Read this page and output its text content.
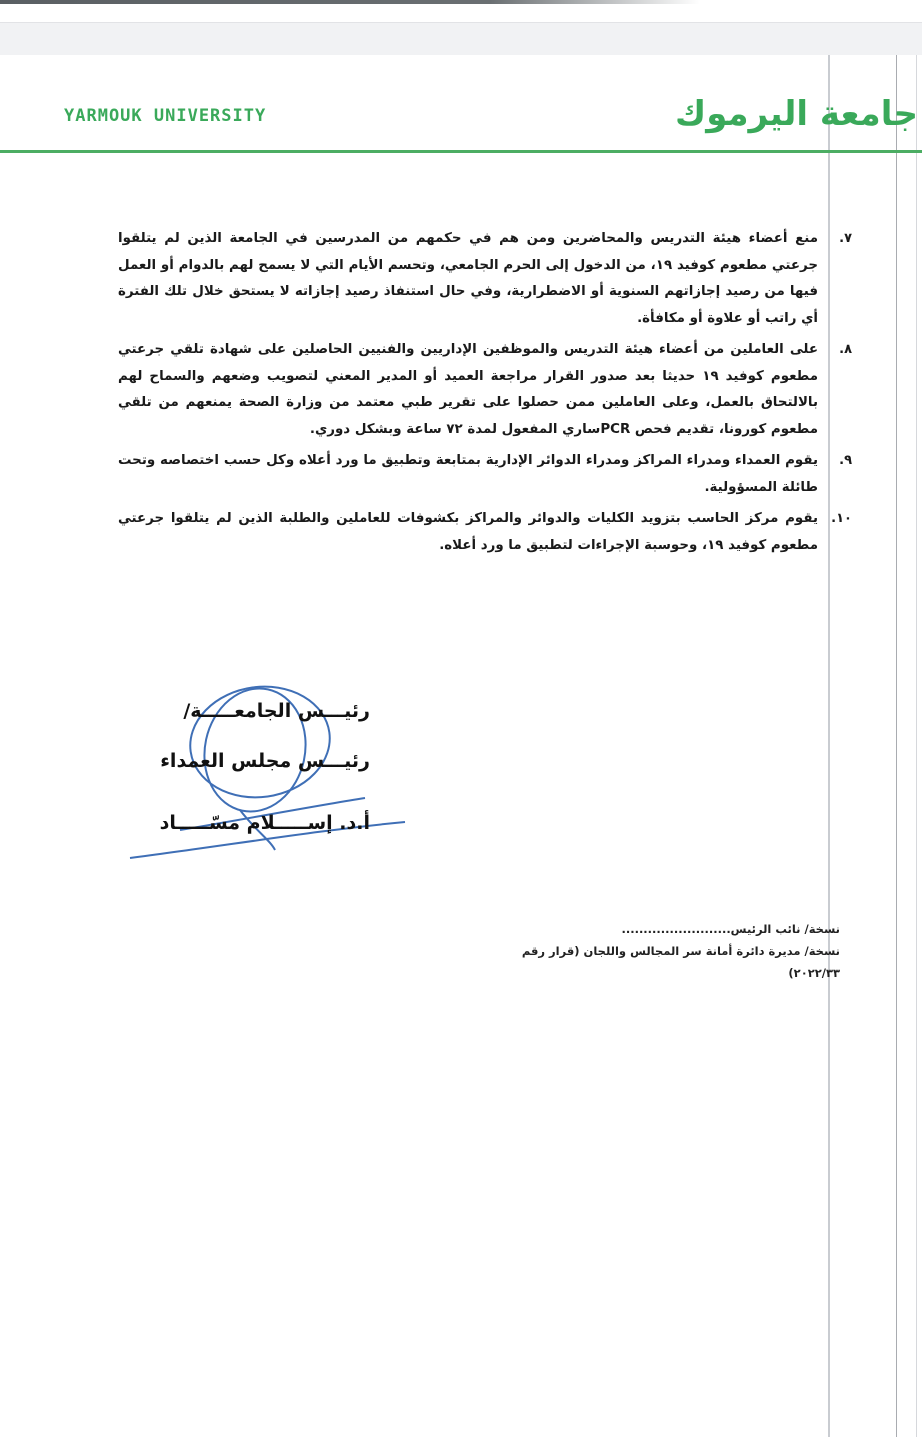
YARMOUK UNIVERSITY	جامعة اليرموك
٧.

منع أعضاء هيئة التدريس والمحاضرين ومن هم في حكمهم من المدرسين في الجامعة الذين لم يتلقوا جرعتي مطعوم كوفيد ١٩، من الدخول إلى الحرم الجامعي، وتحسم الأيام التي لا يسمح لهم بالدوام أو العمل فيها من رصيد إجازاتهم السنوية أو الاضطرارية، وفي حال استنفاذ رصيد إجازاته لا يستحق خلال تلك الفترة أي راتب أو علاوة أو مكافأة.

٨.

على العاملين من أعضاء هيئة التدريس والموظفين الإداريين والفنيين الحاصلين على شهادة تلقي جرعتي مطعوم كوفيد ١٩ حديثا بعد صدور القرار مراجعة العميد أو المدير المعني لتصويب وضعهم والسماح لهم بالالتحاق بالعمل، وعلى العاملين ممن حصلوا على تقرير طبي معتمد من وزارة الصحة يمنعهم من تلقي مطعوم كورونا، تقديم فحص PCRساري المفعول لمدة ٧٢ ساعة وبشكل دوري.

٩.

يقوم العمداء ومدراء المراكز ومدراء الدوائر الإدارية بمتابعة وتطبيق ما ورد أعلاه وكل حسب اختصاصه وتحت طائلة المسؤولية.

١٠.

يقوم مركز الحاسب بتزويد الكليات والدوائر والمراكز بكشوفات للعاملين والطلبة الذين لم يتلقوا جرعتي مطعوم كوفيد ١٩، وحوسبة الإجراءات لتطبيق ما ورد أعلاه.

رئيـــس الجامعـــــة/
رئيـــس مجلس العمداء
أ.د. إســـــلام مسّـــــاد
نسخة/ نائب الرئيس.........................
نسخة/ مديرة دائرة أمانة سر المجالس واللجان (قرار رقم ٢٠٢٢/٣٣)
